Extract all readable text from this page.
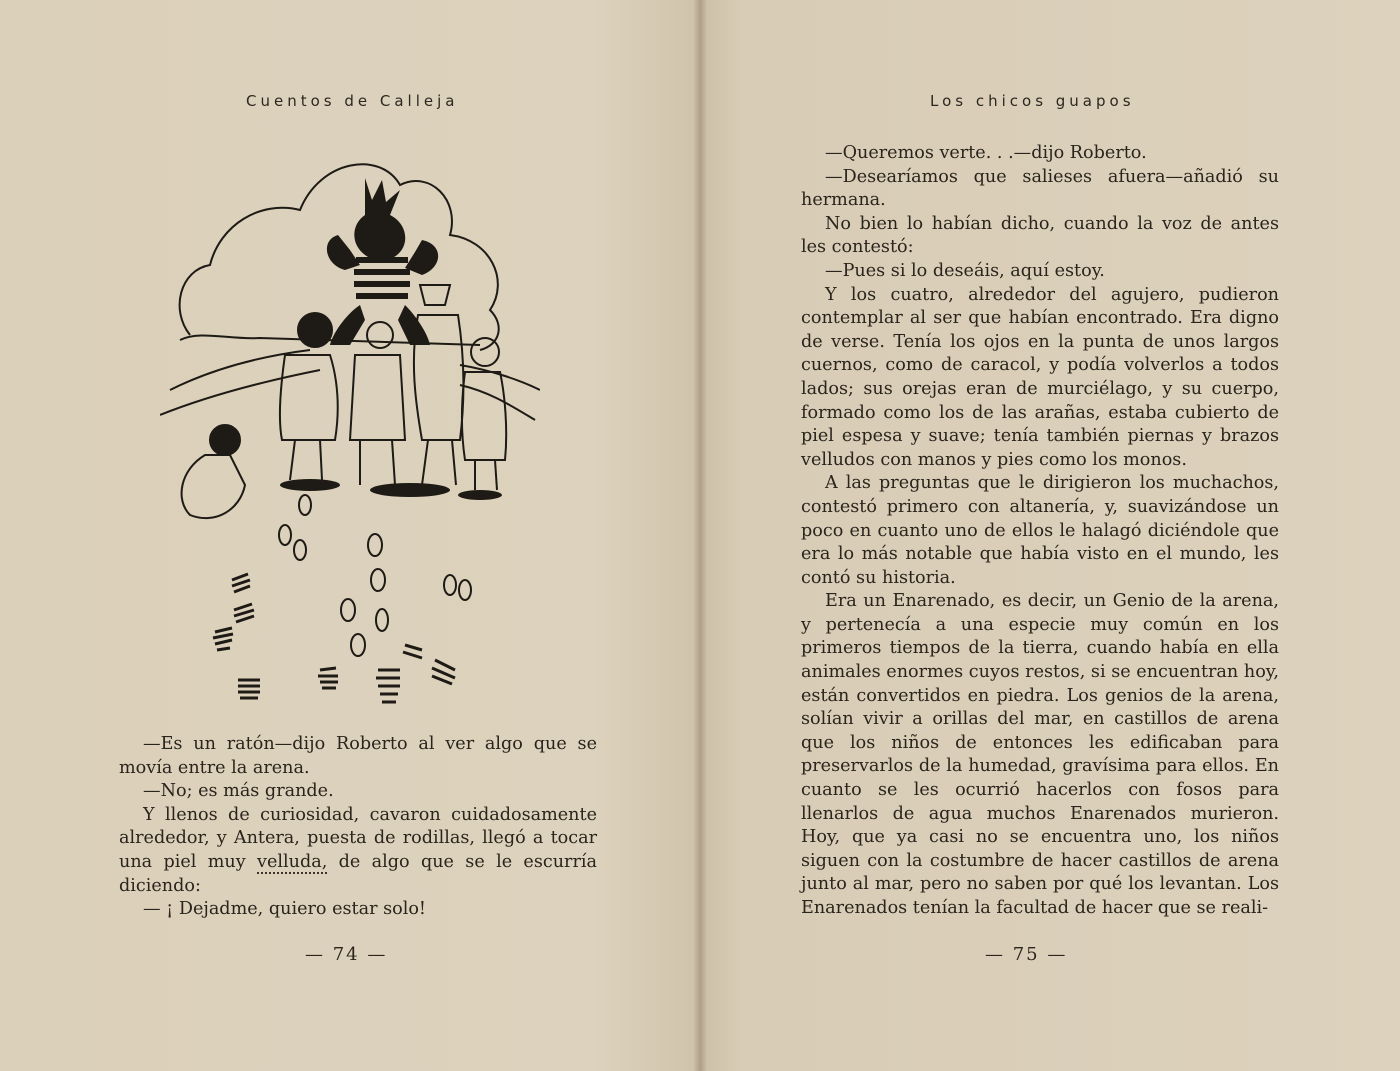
Cuentos de Calleja

—Es un ratón—dijo Roberto al ver algo que se movía entre la arena.

—No; es más grande.

Y llenos de curiosidad, cavaron cuidadosamente alrededor, y Antera, puesta de rodillas, llegó a tocar una piel muy velluda, de algo que se le escurría diciendo:

— ¡ Dejadme, quiero estar solo!

— 74 —
Los chicos guapos

—Queremos verte. . .—dijo Roberto.

—Desearíamos que salieses afuera—añadió su hermana.

No bien lo habían dicho, cuando la voz de antes les contestó:

—Pues si lo deseáis, aquí estoy.

Y los cuatro, alrededor del agujero, pudieron contemplar al ser que habían encontrado. Era digno de verse. Tenía los ojos en la punta de unos largos cuernos, como de caracol, y podía volverlos a todos lados; sus orejas eran de murciélago, y su cuerpo, formado como los de las arañas, estaba cubierto de piel espesa y suave; tenía también piernas y brazos velludos con manos y pies como los monos.

A las preguntas que le dirigieron los muchachos, contestó primero con altanería, y, suavizándose un poco en cuanto uno de ellos le halagó diciéndole que era lo más notable que había visto en el mundo, les contó su historia.

Era un Enarenado, es decir, un Genio de la arena, y pertenecía a una especie muy común en los primeros tiempos de la tierra, cuando había en ella animales enormes cuyos restos, si se encuentran hoy, están convertidos en piedra. Los genios de la arena, solían vivir a orillas del mar, en castillos de arena que los niños de entonces les edificaban para preservarlos de la humedad, gravísima para ellos. En cuanto se les ocurrió hacerlos con fosos para llenarlos de agua muchos Enarenados murieron. Hoy, que ya casi no se encuentra uno, los niños siguen con la costumbre de hacer castillos de arena junto al mar, pero no saben por qué los levantan. Los Enarenados tenían la facultad de hacer que se reali-

— 75 —
